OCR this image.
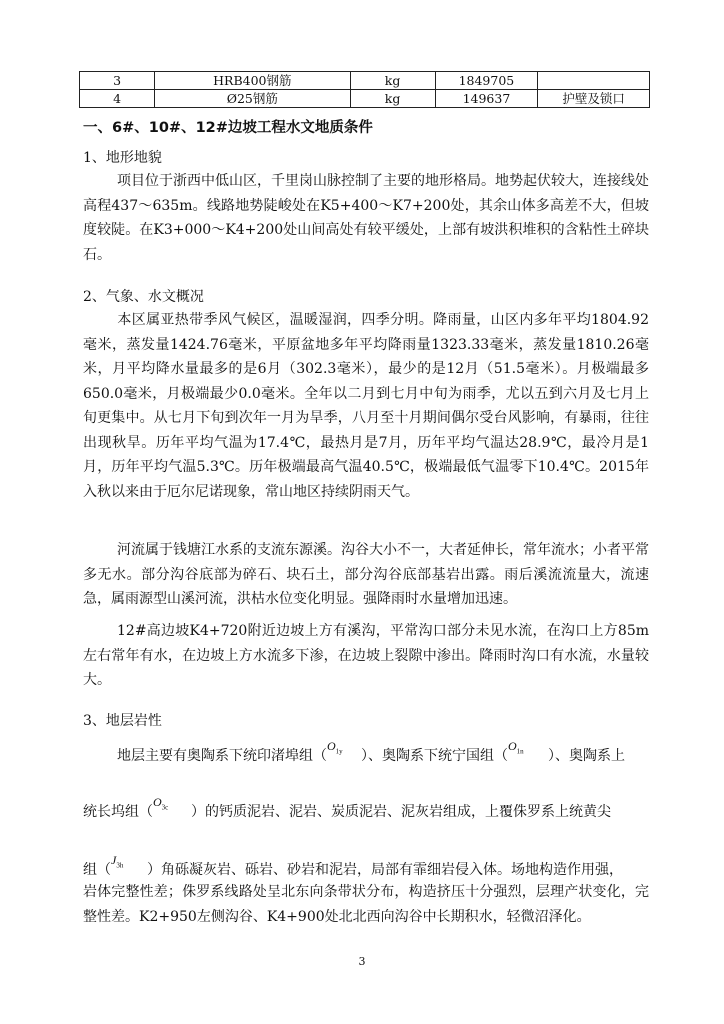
3	HRB400钢筋	kg	1849705	
4	Ø25钢筋	kg	149637	护壁及锁口
一、6#、10#、12#边坡工程水文地质条件
1、地形地貌

项目位于浙西中低山区，千里岗山脉控制了主要的地形格局。地势起伏较大，连接线处高程437～635m。线路地势陡峻处在K5+400～K7+200处，其余山体多高差不大，但坡度较陡。在K3+000～K4+200处山间高处有较平缓处，上部有坡洪积堆积的含粘性土碎块石。

2、气象、水文概况

本区属亚热带季风气候区，温暖湿润，四季分明。降雨量，山区内多年平均1804.92毫米，蒸发量1424.76毫米，平原盆地多年平均降雨量1323.33毫米，蒸发量1810.26毫米，月平均降水量最多的是6月（302.3毫米），最少的是12月（51.5毫米）。月极端最多650.0毫米，月极端最少0.0毫米。全年以二月到七月中旬为雨季，尤以五到六月及七月上旬更集中。从七月下旬到次年一月为旱季，八月至十月期间偶尔受台风影响，有暴雨，往往出现秋旱。历年平均气温为17.4℃，最热月是7月，历年平均气温达28.9℃，最冷月是1月，历年平均气温5.3℃。历年极端最高气温40.5℃，极端最低气温零下10.4℃。2015年入秋以来由于厄尔尼诺现象，常山地区持续阴雨天气。

河流属于钱塘江水系的支流东源溪。沟谷大小不一，大者延伸长，常年流水；小者平常多无水。部分沟谷底部为碎石、块石土，部分沟谷底部基岩出露。雨后溪流流量大，流速急，属雨源型山溪河流，洪枯水位变化明显。强降雨时水量增加迅速。

12#高边坡K4+720附近边坡上方有溪沟，平常沟口部分未见水流，在沟口上方85m左右常年有水，在边坡上方水流多下渗，在边坡上裂隙中渗出。降雨时沟口有水流，水量较大。

3、地层岩性
地层主要有奥陶系下统印渚埠组（$O_{1y}$ ）、奥陶系下统宁国组（$O_{1n}$ ）、奥陶系上
统长坞组（$O_{3c}$ ）的钙质泥岩、泥岩、炭质泥岩、泥灰岩组成，上覆侏罗系上统黄尖
组（$J_{3h}$ ）角砾凝灰岩、砾岩、砂岩和泥岩，局部有霏细岩侵入体。场地构造作用强，

岩体完整性差；侏罗系线路处呈北东向条带状分布，构造挤压十分强烈，层理产状变化，完整性差。K2+950左侧沟谷、K4+900处北北西向沟谷中长期积水，轻微沼泽化。

3
